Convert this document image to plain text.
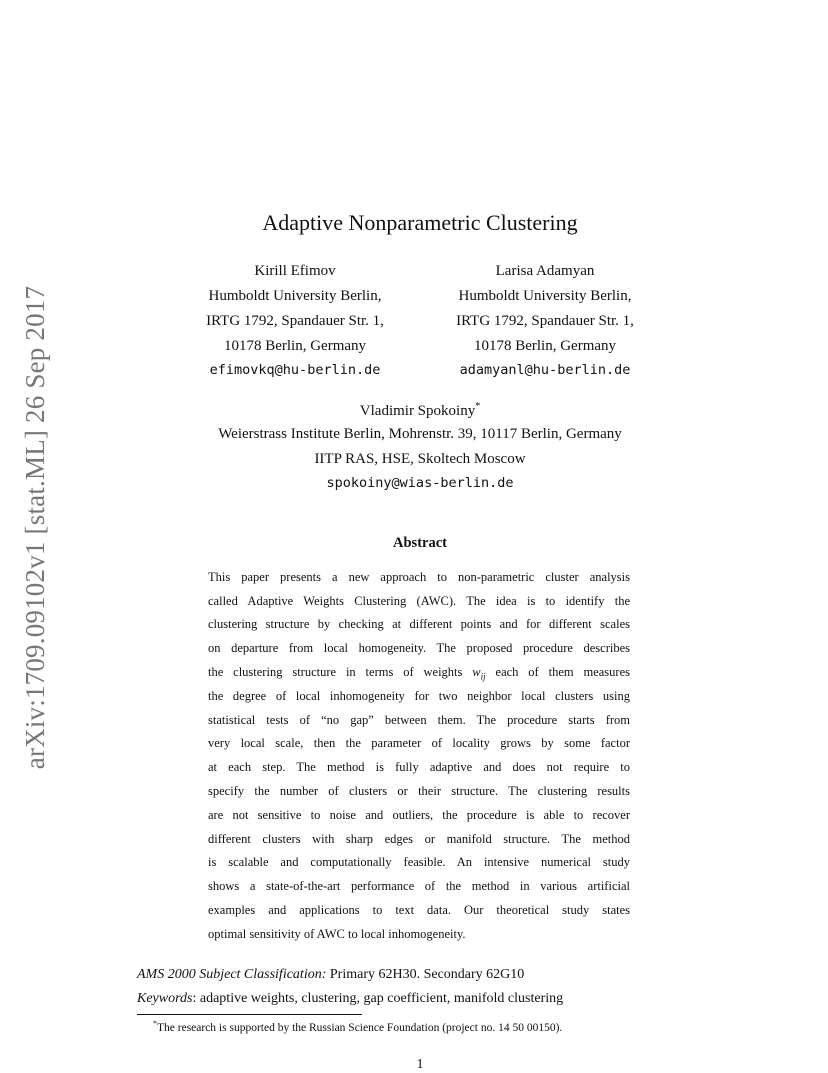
arXiv:1709.09102v1 [stat.ML] 26 Sep 2017
Adaptive Nonparametric Clustering
Kirill Efimov
Humboldt University Berlin,
IRTG 1792, Spandauer Str. 1,
10178 Berlin, Germany
efimovkq@hu-berlin.de
Larisa Adamyan
Humboldt University Berlin,
IRTG 1792, Spandauer Str. 1,
10178 Berlin, Germany
adamyanl@hu-berlin.de
Vladimir Spokoiny*
Weierstrass Institute Berlin, Mohrenstr. 39, 10117 Berlin, Germany
IITP RAS, HSE, Skoltech Moscow
spokoiny@wias-berlin.de
Abstract
This paper presents a new approach to non-parametric cluster analysis
called Adaptive Weights Clustering (AWC). The idea is to identify the
clustering structure by checking at different points and for different scales
on departure from local homogeneity. The proposed procedure describes
the clustering structure in terms of weights $w_{ij}$ each of them measures
the degree of local inhomogeneity for two neighbor local clusters using
statistical tests of “no gap” between them. The procedure starts from
very local scale, then the parameter of locality grows by some factor
at each step. The method is fully adaptive and does not require to
specify the number of clusters or their structure. The clustering results
are not sensitive to noise and outliers, the procedure is able to recover
different clusters with sharp edges or manifold structure. The method
is scalable and computationally feasible. An intensive numerical study
shows a state-of-the-art performance of the method in various artificial
examples and applications to text data. Our theoretical study states
optimal sensitivity of AWC to local inhomogeneity.
AMS 2000 Subject Classification: Primary 62H30. Secondary 62G10
Keywords: adaptive weights, clustering, gap coefficient, manifold clustering
*The research is supported by the Russian Science Foundation (project no. 14 50 00150).
1
